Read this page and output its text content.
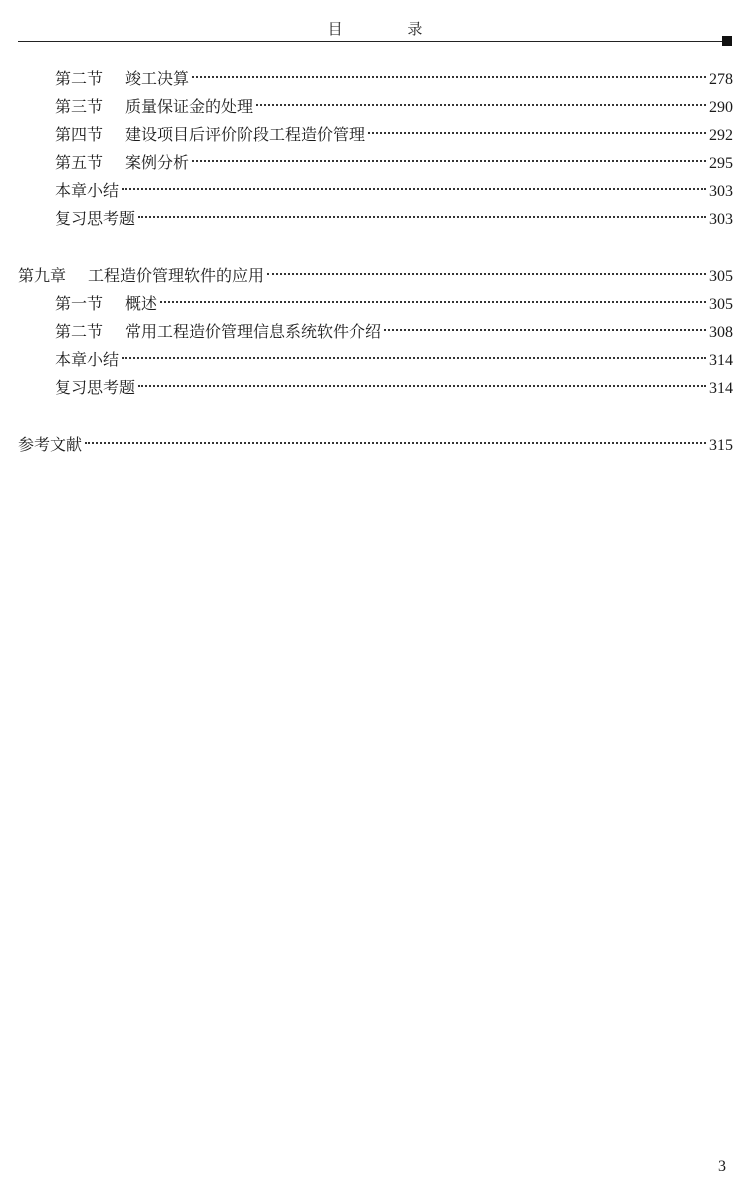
目 录
第二节 竣工决算	278
第三节 质量保证金的处理	290
第四节 建设项目后评价阶段工程造价管理	292
第五节 案例分析	295
本章小结	303
复习思考题	303
第九章 工程造价管理软件的应用	305
第一节 概述	305
第二节 常用工程造价管理信息系统软件介绍	308
本章小结	314
复习思考题	314
参考文献	315
3
